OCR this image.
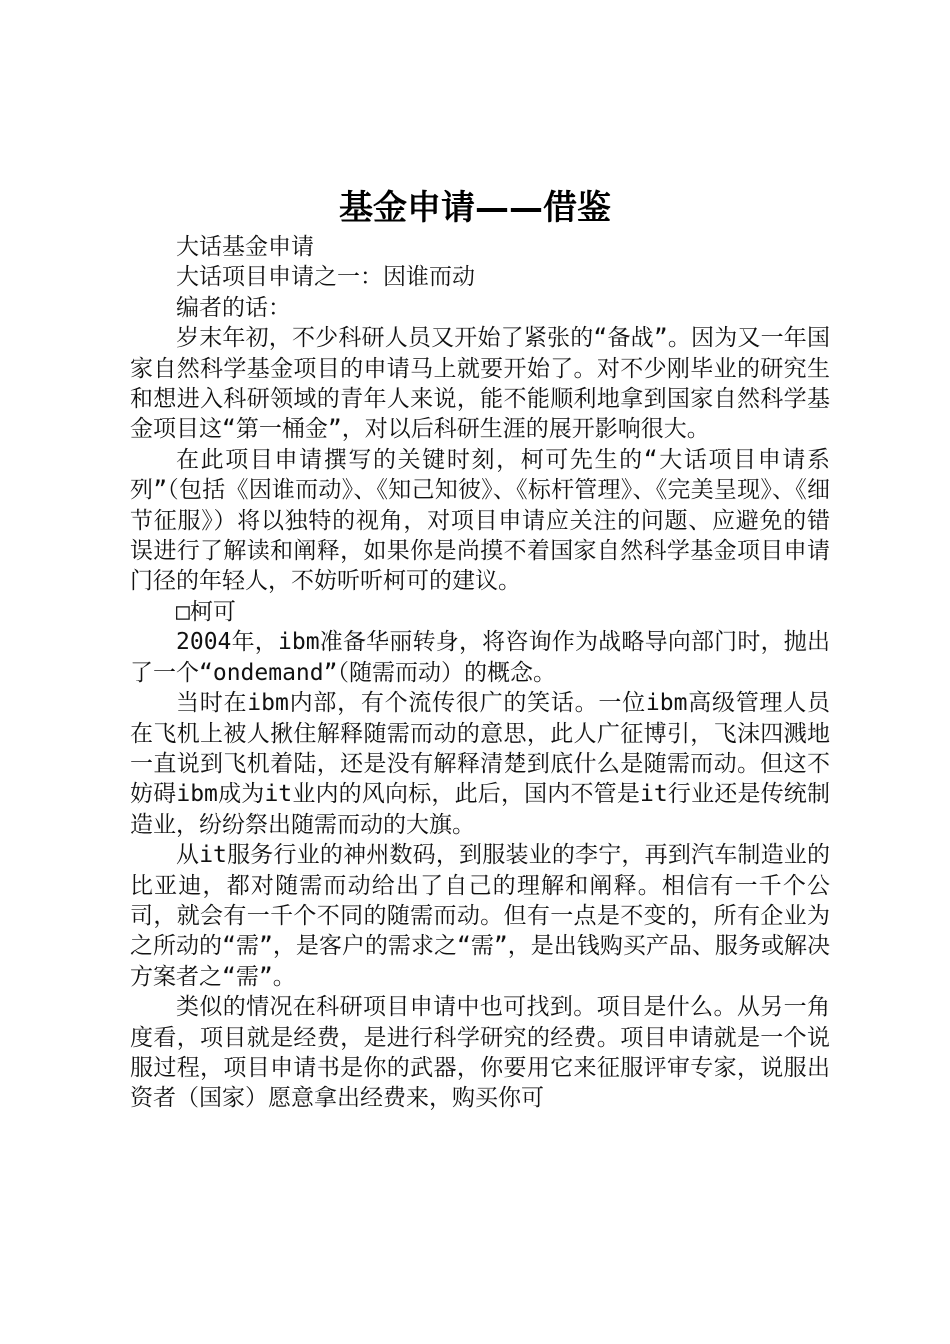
基金申请——借鉴

大话基金申请

大话项目申请之一：因谁而动

编者的话：

岁末年初，不少科研人员又开始了紧张的“备战”。因为又一年国家自然科学基金项目的申请马上就要开始了。对不少刚毕业的研究生和想进入科研领域的青年人来说，能不能顺利地拿到国家自然科学基金项目这“第一桶金”，对以后科研生涯的展开影响很大。

在此项目申请撰写的关键时刻，柯可先生的“大话项目申请系列”（包括《因谁而动》、《知己知彼》、《标杆管理》、《完美呈现》、《细节征服》）将以独特的视角，对项目申请应关注的问题、应避免的错误进行了解读和阐释，如果你是尚摸不着国家自然科学基金项目申请门径的年轻人，不妨听听柯可的建议。

□柯可

2004年，ibm准备华丽转身，将咨询作为战略导向部门时，抛出了一个“ondemand”（随需而动）的概念。

当时在ibm内部，有个流传很广的笑话。一位ibm高级管理人员在飞机上被人揪住解释随需而动的意思，此人广征博引，飞沫四溅地一直说到飞机着陆，还是没有解释清楚到底什么是随需而动。但这不妨碍ibm成为it业内的风向标，此后，国内不管是it行业还是传统制造业，纷纷祭出随需而动的大旗。

从it服务行业的神州数码，到服装业的李宁，再到汽车制造业的比亚迪，都对随需而动给出了自己的理解和阐释。相信有一千个公司，就会有一千个不同的随需而动。但有一点是不变的，所有企业为之所动的“需”，是客户的需求之“需”，是出钱购买产品、服务或解决方案者之“需”。

类似的情况在科研项目申请中也可找到。项目是什么。从另一角度看，项目就是经费，是进行科学研究的经费。项目申请就是一个说服过程，项目申请书是你的武器，你要用它来征服评审专家，说服出资者（国家）愿意拿出经费来，购买你可
